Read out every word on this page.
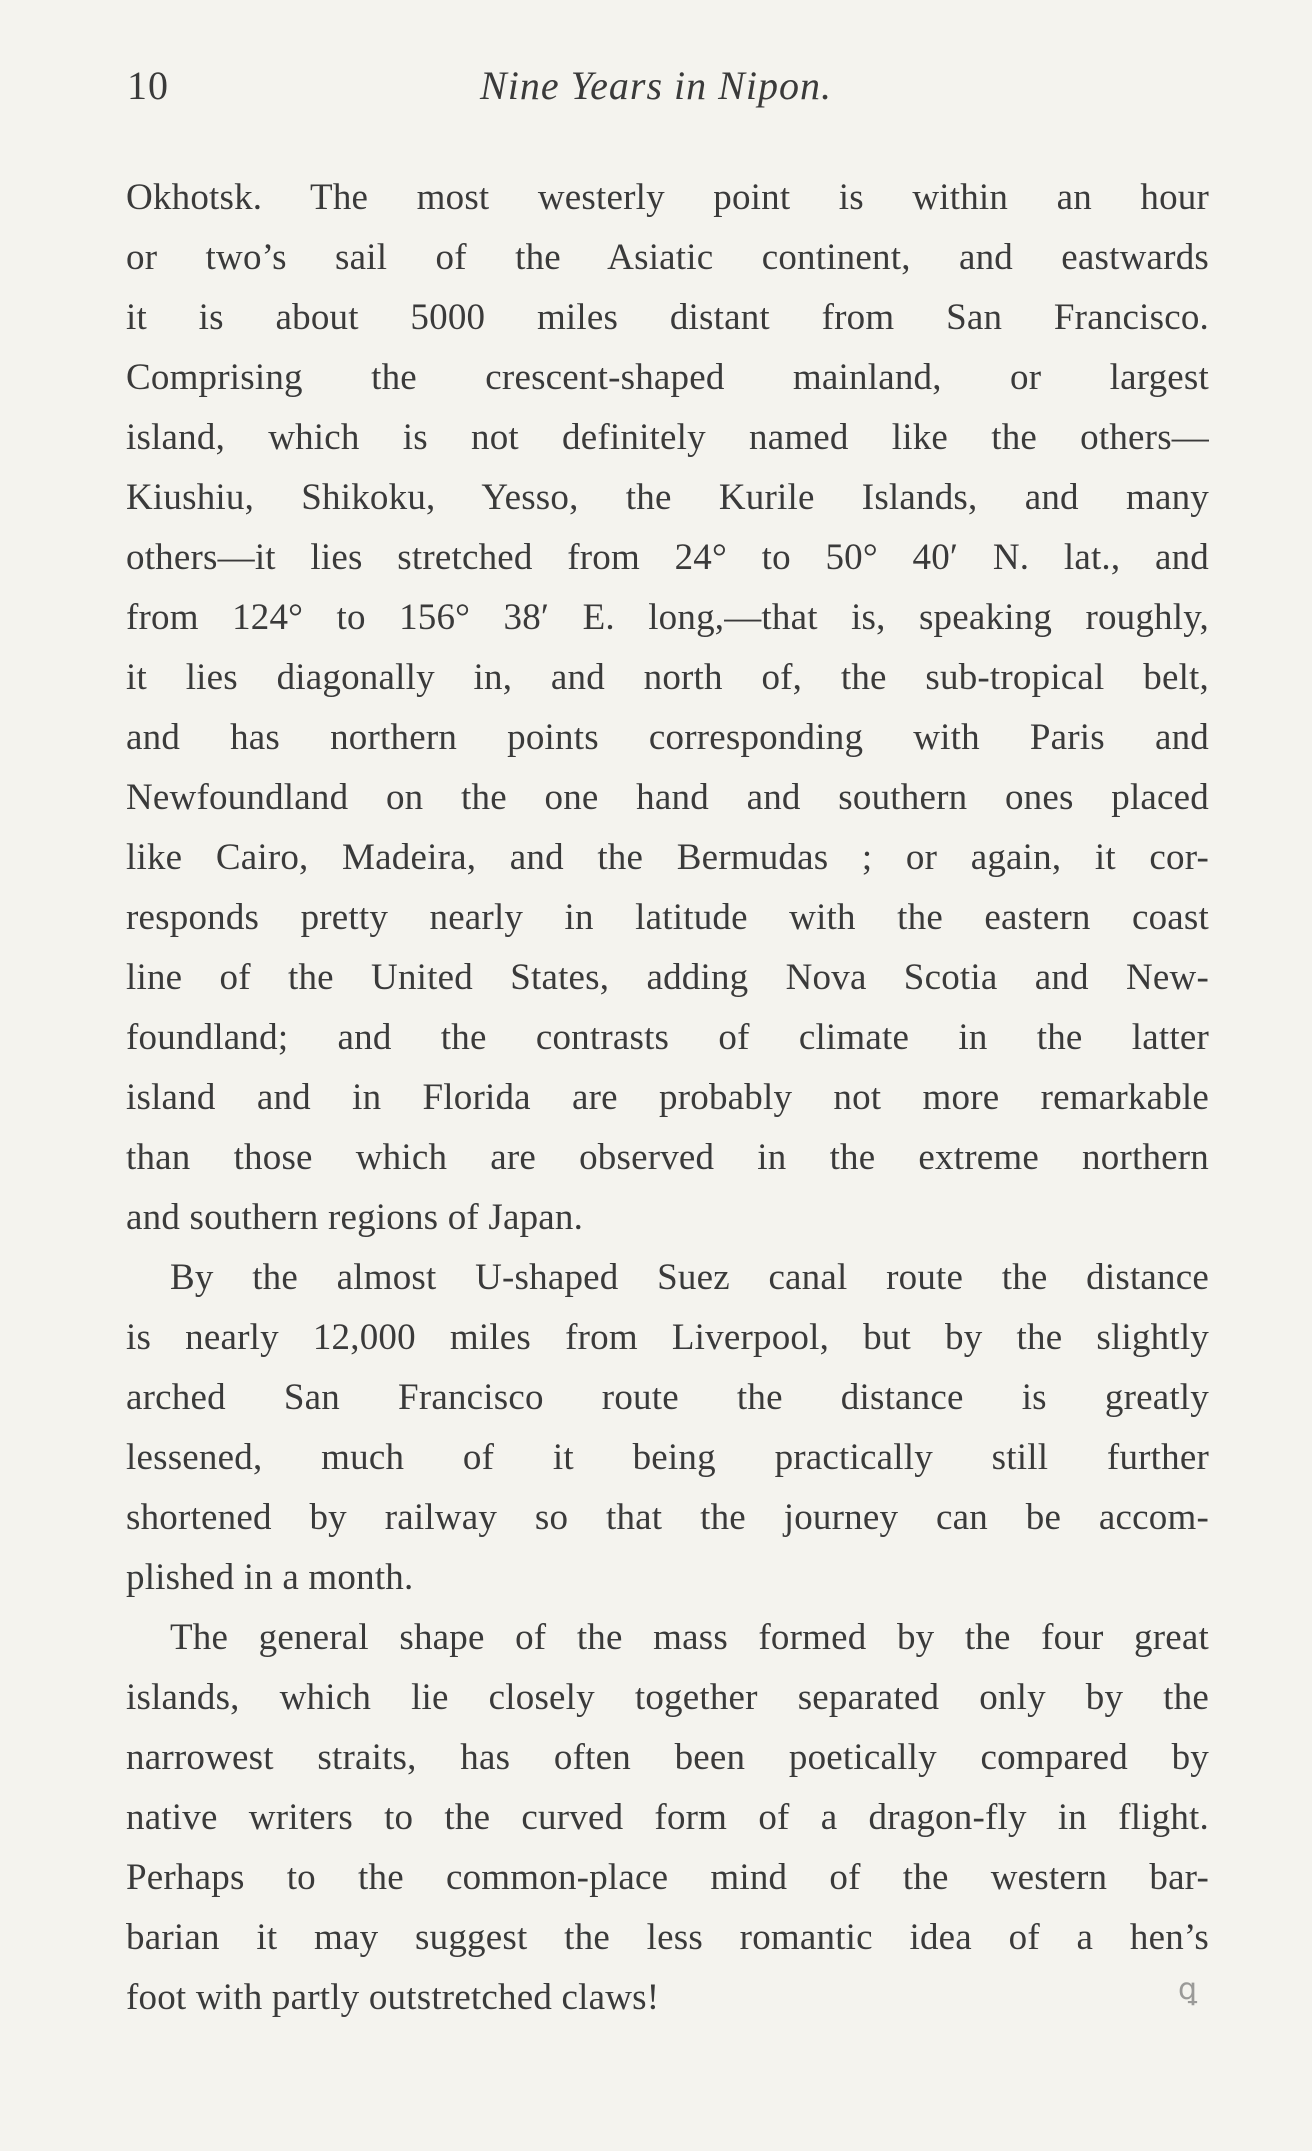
10	Nine Years in Nipon.
Okhotsk. The most westerly point is within an hour
or two’s sail of the Asiatic continent, and eastwards
it is about 5000 miles distant from San Francisco.
Comprising the crescent-shaped mainland, or largest
island, which is not definitely named like the others—
Kiushiu, Shikoku, Yesso, the Kurile Islands, and many
others—it lies stretched from 24° to 50° 40′ N. lat., and
from 124° to 156° 38′ E. long,—that is, speaking roughly,
it lies diagonally in, and north of, the sub-tropical belt,
and has northern points corresponding with Paris and
Newfoundland on the one hand and southern ones placed
like Cairo, Madeira, and the Bermudas ; or again, it cor-
responds pretty nearly in latitude with the eastern coast
line of the United States, adding Nova Scotia and New-
foundland; and the contrasts of climate in the latter
island and in Florida are probably not more remarkable
than those which are observed in the extreme northern
and southern regions of Japan.
By the almost U-shaped Suez canal route the distance
is nearly 12,000 miles from Liverpool, but by the slightly
arched San Francisco route the distance is greatly
lessened, much of it being practically still further
shortened by railway so that the journey can be accom-
plished in a month.
The general shape of the mass formed by the four great
islands, which lie closely together separated only by the
narrowest straits, has often been poetically compared by
native writers to the curved form of a dragon-fly in flight.
Perhaps to the common-place mind of the western bar-
barian it may suggest the less romantic idea of a hen’s
foot with partly outstretched claws!	ꝗ
